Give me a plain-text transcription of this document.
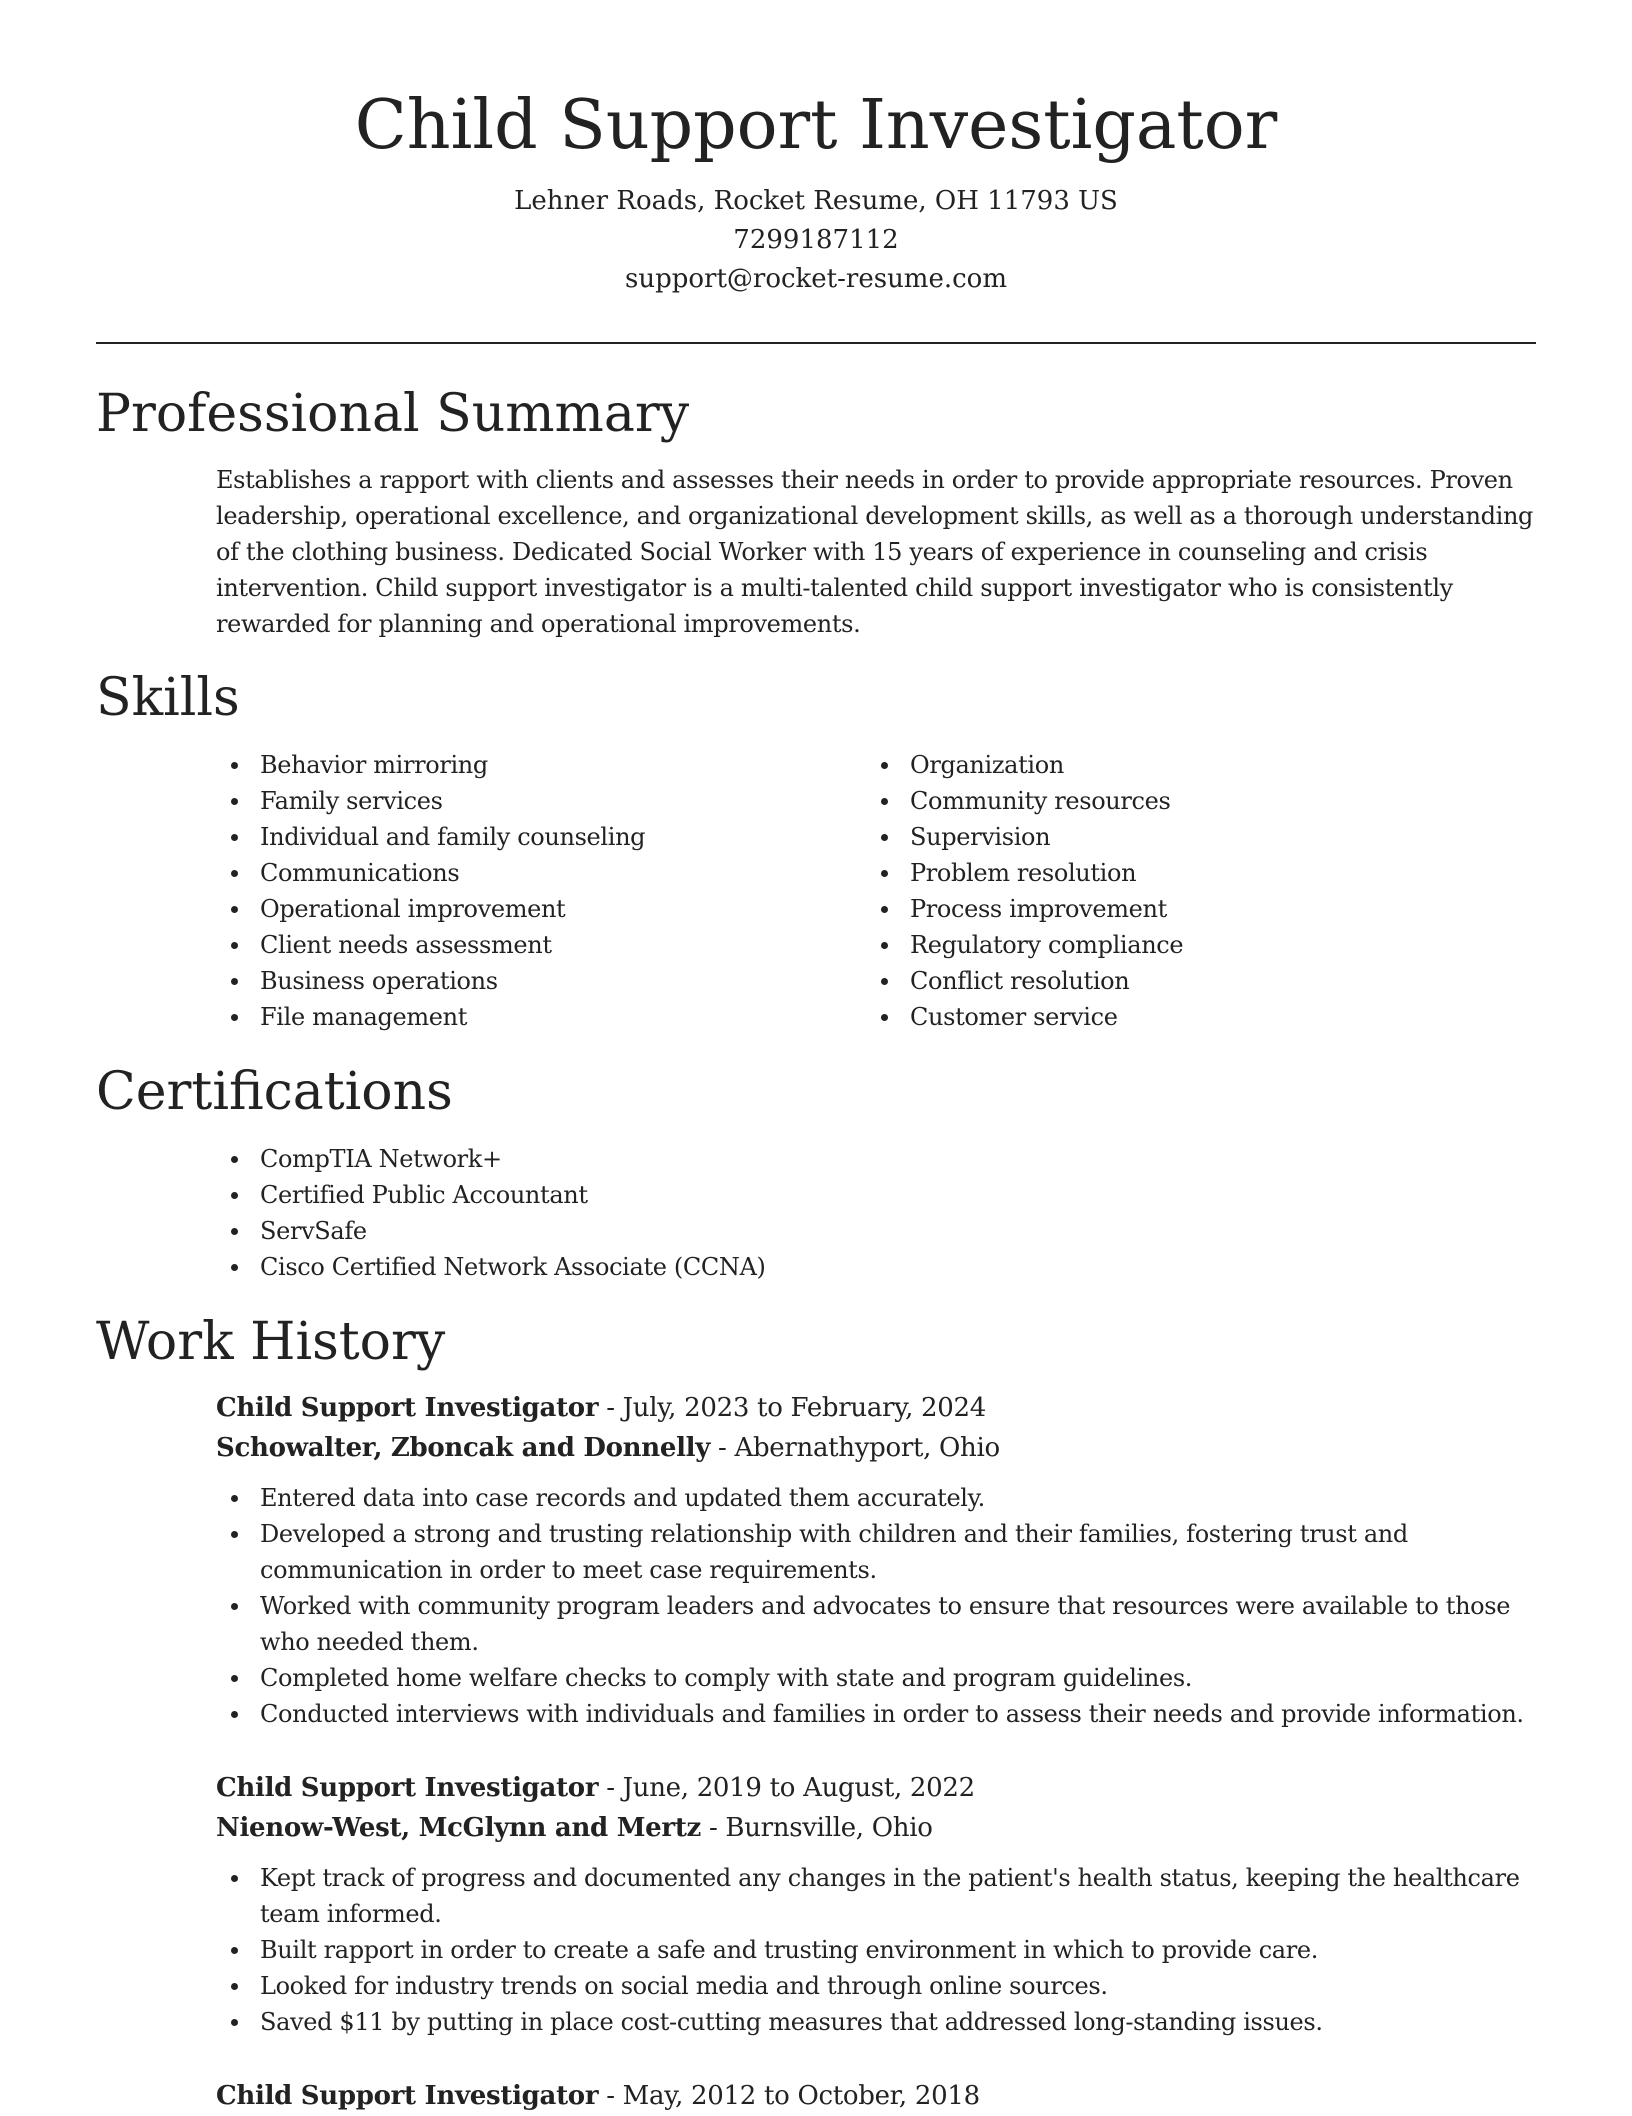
Child Support Investigator
Lehner Roads, Rocket Resume, OH 11793 US
7299187112
support@rocket-resume.com
Professional Summary

Establishes a rapport with clients and assesses their needs in order to provide appropriate resources. Proven leadership, operational excellence, and organizational development skills, as well as a thorough understanding of the clothing business. Dedicated Social Worker with 15 years of experience in counseling and crisis intervention. Child support investigator is a multi-talented child support investigator who is consistently rewarded for planning and operational improvements.

Skills
Behavior mirroring
Family services
Individual and family counseling
Communications
Operational improvement
Client needs assessment
Business operations
File management
Organization
Community resources
Supervision
Problem resolution
Process improvement
Regulatory compliance
Conflict resolution
Customer service
Certifications
CompTIA Network+
Certified Public Accountant
ServSafe
Cisco Certified Network Associate (CCNA)
Work History
Child Support Investigator - July, 2023 to February, 2024
Schowalter, Zboncak and Donnelly - Abernathyport, Ohio
Entered data into case records and updated them accurately.
Developed a strong and trusting relationship with children and their families, fostering trust and communication in order to meet case requirements.
Worked with community program leaders and advocates to ensure that resources were available to those who needed them.
Completed home welfare checks to comply with state and program guidelines.
Conducted interviews with individuals and families in order to assess their needs and provide information.
Child Support Investigator - June, 2019 to August, 2022
Nienow-West, McGlynn and Mertz - Burnsville, Ohio
Kept track of progress and documented any changes in the patient's health status, keeping the healthcare team informed.
Built rapport in order to create a safe and trusting environment in which to provide care.
Looked for industry trends on social media and through online sources.
Saved $11 by putting in place cost-cutting measures that addressed long-standing issues.
Child Support Investigator - May, 2012 to October, 2018
